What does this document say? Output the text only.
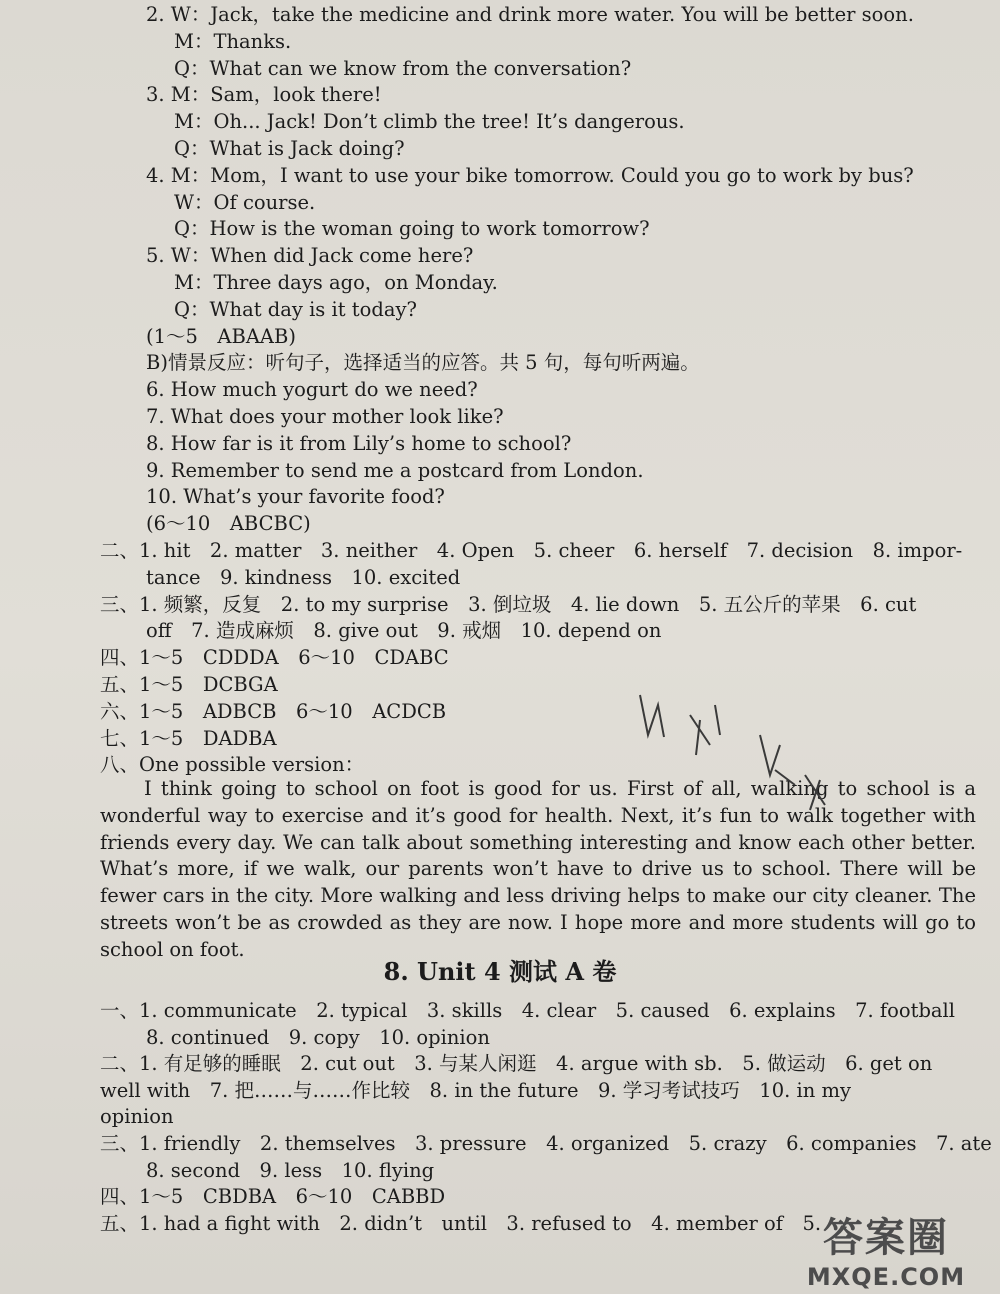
2. W：Jack，take the medicine and drink more water. You will be better soon.
M：Thanks.
Q：What can we know from the conversation?
3. M：Sam，look there!
M：Oh... Jack! Don’t climb the tree! It’s dangerous.
Q：What is Jack doing?
4. M：Mom，I want to use your bike tomorrow. Could you go to work by bus?
W：Of course.
Q：How is the woman going to work tomorrow?
5. W：When did Jack come here?
M：Three days ago，on Monday.
Q：What day is it today?
(1～5　ABAAB)
B)情景反应：听句子，选择适当的应答。共 5 句，每句听两遍。
6. How much yogurt do we need?
7. What does your mother look like?
8. How far is it from Lily’s home to school?
9. Remember to send me a postcard from London.
10. What’s your favorite food?
(6～10　ABCBC)
二、1. hit　2. matter　3. neither　4. Open　5. cheer　6. herself　7. decision　8. impor-
tance　9. kindness　10. excited
三、1. 频繁，反复　2. to my surprise　3. 倒垃圾　4. lie down　5. 五公斤的苹果　6. cut
off　7. 造成麻烦　8. give out　9. 戒烟　10. depend on
四、1～5　CDDDA　6～10　CDABC
五、1～5　DCBGA
六、1～5　ADBCB　6～10　ACDCB
七、1～5　DADBA
八、One possible version：
I think going to school on foot is good for us. First of all, walking to school is a wonderful way to exercise and it’s good for health. Next, it’s fun to walk together with friends every day. We can talk about something interesting and know each other better. What’s more, if we walk, our parents won’t have to drive us to school. There will be fewer cars in the city. More walking and less driving helps to make our city cleaner. The streets won’t be as crowded as they are now. I hope more and more students will go to school on foot.
8. Unit 4 测试 A 卷
一、1. communicate　2. typical　3. skills　4. clear　5. caused　6. explains　7. football
8. continued　9. copy　10. opinion
二、1. 有足够的睡眠　2. cut out　3. 与某人闲逛　4. argue with sb.　5. 做运动　6. get on
well with　7. 把……与……作比较　8. in the future　9. 学习考试技巧　10. in my
opinion
三、1. friendly　2. themselves　3. pressure　4. organized　5. crazy　6. companies　7. ate
8. second　9. less　10. flying
四、1～5　CBDBA　6～10　CABBD
五、1. had a fight with　2. didn’t　until　3. refused to　4. member of　5. 答案圈
MXQE.COM
